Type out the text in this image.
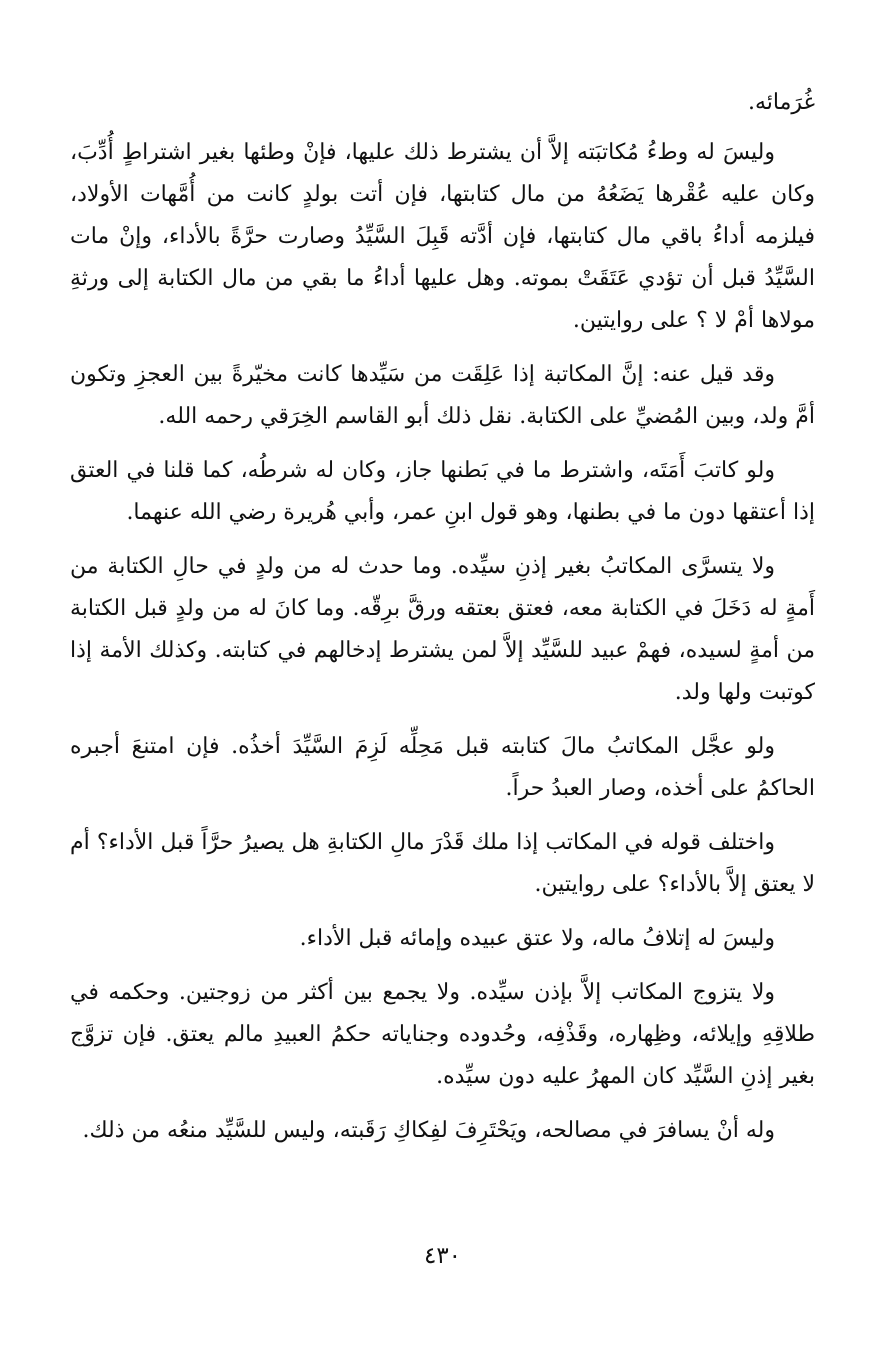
غُرَمائه.

وليسَ له وطءُ مُكاتبَته إلاَّ أن يشترط ذلك عليها، فإنْ وطئها بغير اشتراطٍ أُدِّبَ، وكان عليه عُقْرها يَضَعُهُ من مال كتابتها، فإن أتت بولدٍ كانت من أُمَّهات الأولاد، فيلزمه أداءُ باقي مال كتابتها، فإن أدَّته قَبِلَ السَّيِّدُ وصارت حرَّةً بالأداء، وإنْ مات السَّيِّدُ قبل أن تؤدي عَتَقَتْ بموته. وهل عليها أداءُ ما بقي من مال الكتابة إلى ورثةِ مولاها أمْ لا ؟ على روايتين.

وقد قيل عنه: إنَّ المكاتبة إذا عَلِقَت من سَيِّدها كانت مخيّرةً بين العجزِ وتكون أمَّ ولد، وبين المُضيِّ على الكتابة. نقل ذلك أبو القاسم الخِرَقي رحمه الله.

ولو كاتبَ أَمَتَه، واشترط ما في بَطنها جاز، وكان له شرطُه، كما قلنا في العتق إذا أعتقها دون ما في بطنها، وهو قول ابنِ عمر، وأبي هُريرة رضي الله عنهما.

ولا يتسرَّى المكاتبُ بغير إذنِ سيِّده. وما حدث له من ولدٍ في حالِ الكتابة من أَمةٍ له دَخَلَ في الكتابة معه، فعتق بعتقه ورقَّ برِقّه. وما كانَ له من ولدٍ قبل الكتابة من أمةٍ لسيده، فهمْ عبيد للسَّيِّد إلاَّ لمن يشترط إدخالهم في كتابته. وكذلك الأمة إذا كوتبت ولها ولد.

ولو عجَّل المكاتبُ مالَ كتابته قبل مَحِلِّه لَزِمَ السَّيِّدَ أخذُه. فإن امتنعَ أجبره الحاكمُ على أخذه، وصار العبدُ حراً.

واختلف قوله في المكاتب إذا ملك قَدْرَ مالِ الكتابةِ هل يصيرُ حرَّاً قبل الأداء؟ أم لا يعتق إلاَّ بالأداء؟ على روايتين.

وليسَ له إتلافُ ماله، ولا عتق عبيده وإمائه قبل الأداء.

ولا يتزوج المكاتب إلاَّ بإذن سيِّده. ولا يجمع بين أكثر من زوجتين. وحكمه في طلاقِهِ وإيلائه، وظِهاره، وقَذْفِه، وحُدوده وجناياته حكمُ العبيدِ مالم يعتق. فإن تزوَّج بغير إذنِ السَّيِّد كان المهرُ عليه دون سيِّده.

وله أنْ يسافرَ في مصالحه، ويَحْتَرِفَ لفِكاكِ رَقَبته، وليس للسَّيِّد منعُه من ذلك.

٤٣٠
